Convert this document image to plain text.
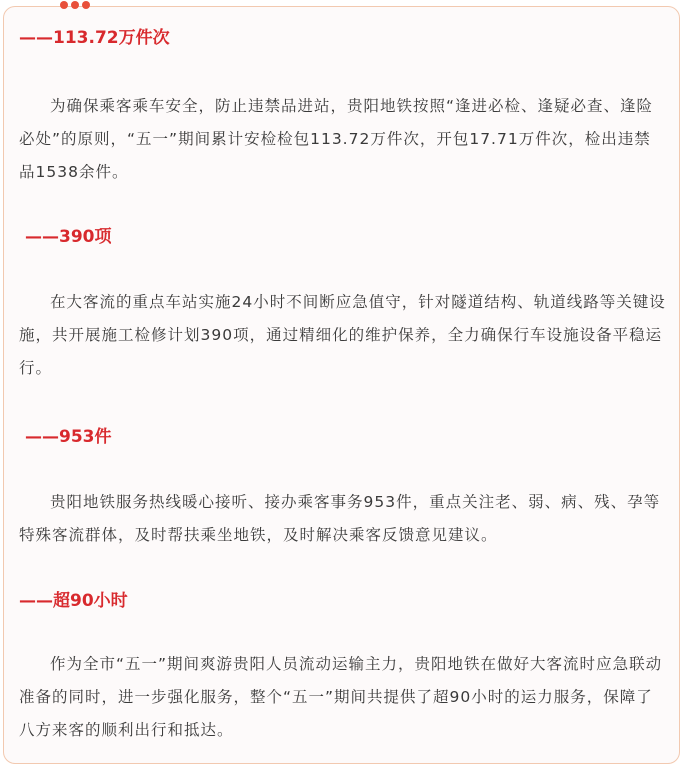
——113.72万件次

为确保乘客乘车安全，防止违禁品进站，贵阳地铁按照“逢进必检、逢疑必查、逢险必处”的原则，“五一”期间累计安检检包113.72万件次，开包17.71万件次，检出违禁品1538余件。

——390项

在大客流的重点车站实施24小时不间断应急值守，针对隧道结构、轨道线路等关键设施，共开展施工检修计划390项，通过精细化的维护保养，全力确保行车设施设备平稳运行。

——953件

贵阳地铁服务热线暖心接听、接办乘客事务953件，重点关注老、弱、病、残、孕等特殊客流群体，及时帮扶乘坐地铁，及时解决乘客反馈意见建议。

——超90小时

作为全市“五一”期间爽游贵阳人员流动运输主力，贵阳地铁在做好大客流时应急联动准备的同时，进一步强化服务，整个“五一”期间共提供了超90小时的运力服务，保障了八方来客的顺利出行和抵达。
